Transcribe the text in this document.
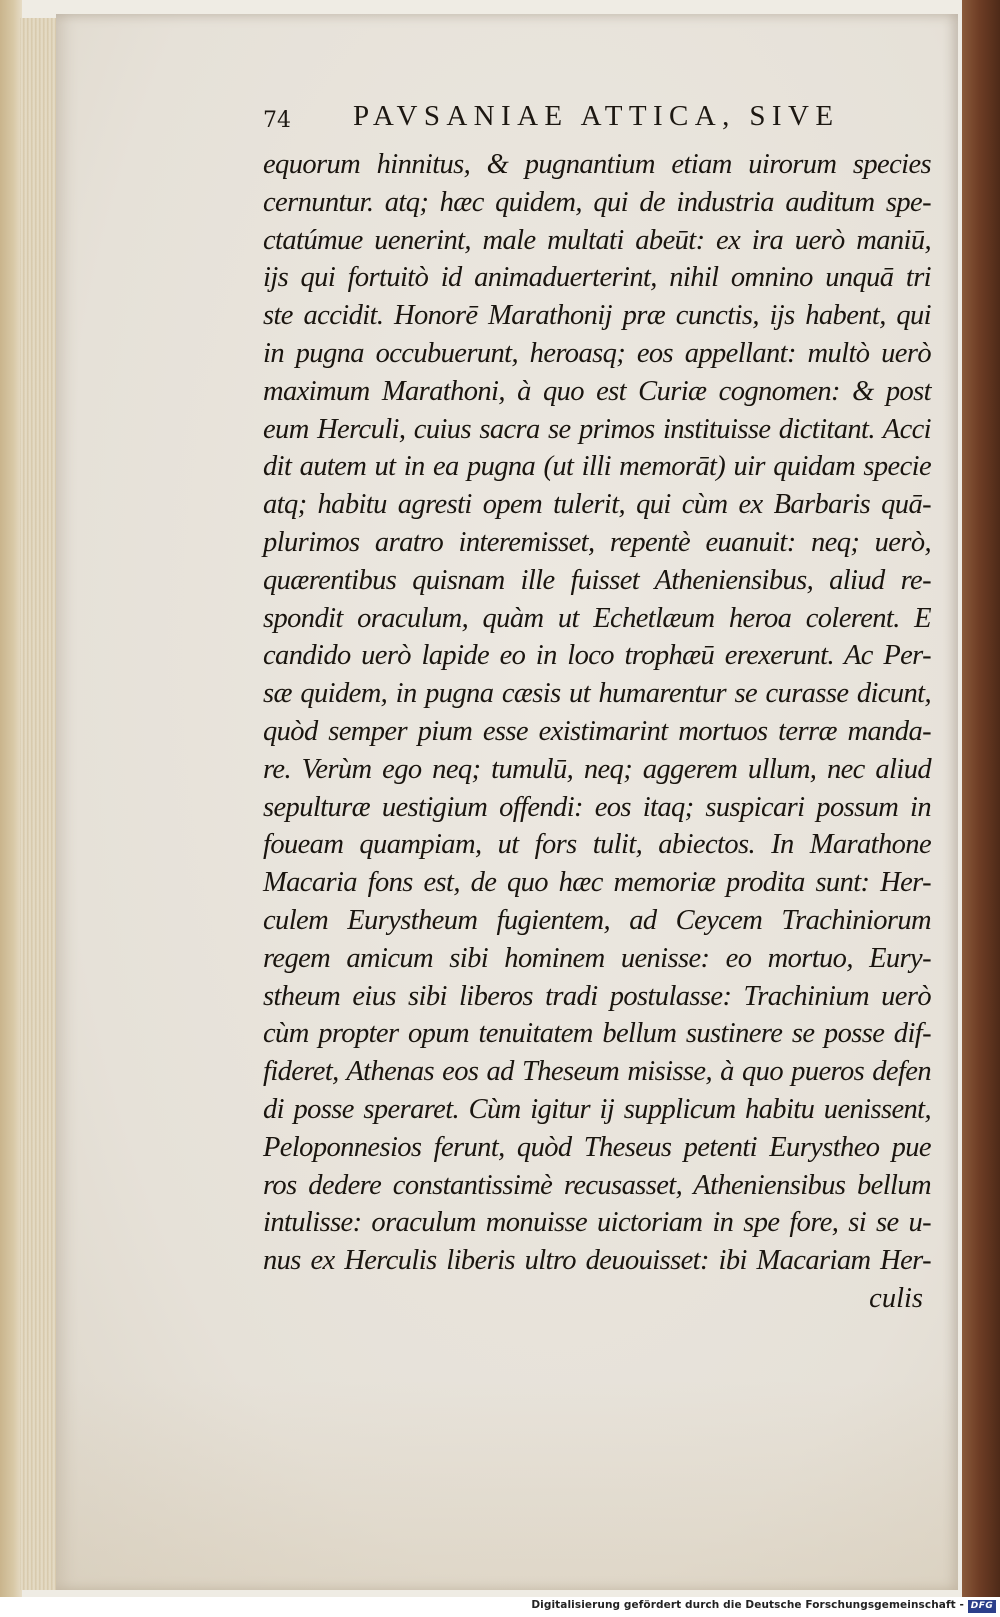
74 PAVSANIAE ATTICA, SIVE
equorum hinnitus, & pugnantium etiam uirorum species
cernuntur. atq; hæc quidem, qui de industria auditum spe-
ctatúmue uenerint, male multati abeūt: ex ira uerò maniū,
ijs qui fortuitò id animaduerterint, nihil omnino unquā tri
ste accidit. Honorē Marathonij præ cunctis, ijs habent, qui
in pugna occubuerunt, heroasq; eos appellant: multò uerò
maximum Marathoni, à quo est Curiæ cognomen: & post
eum Herculi, cuius sacra se primos instituisse dictitant. Acci
dit autem ut in ea pugna (ut illi memorāt) uir quidam specie
atq; habitu agresti opem tulerit, qui cùm ex Barbaris quā-
plurimos aratro interemisset, repentè euanuit: neq; uerò,
quærentibus quisnam ille fuisset Atheniensibus, aliud re-
spondit oraculum, quàm ut Echetlæum heroa colerent. E
candido uerò lapide eo in loco trophæū erexerunt. Ac Per-
sæ quidem, in pugna cæsis ut humarentur se curasse dicunt,
quòd semper pium esse existimarint mortuos terræ manda-
re. Verùm ego neq; tumulū, neq; aggerem ullum, nec aliud
sepulturæ uestigium offendi: eos itaq; suspicari possum in
foueam quampiam, ut fors tulit, abiectos. In Marathone
Macaria fons est, de quo hæc memoriæ prodita sunt: Her-
culem Eurystheum fugientem, ad Ceycem Trachiniorum
regem amicum sibi hominem uenisse: eo mortuo, Eury-
stheum eius sibi liberos tradi postulasse: Trachinium uerò
cùm propter opum tenuitatem bellum sustinere se posse dif-
fideret, Athenas eos ad Theseum misisse, à quo pueros defen
di posse speraret. Cùm igitur ij supplicum habitu uenissent,
Peloponnesios ferunt, quòd Theseus petenti Eurystheo pue
ros dedere constantissimè recusasset, Atheniensibus bellum
intulisse: oraculum monuisse uictoriam in spe fore, si se u-
nus ex Herculis liberis ultro deuouisset: ibi Macariam Her-
culis
Digitalisierung gefördert durch die Deutsche Forschungsgemeinschaft - DFG
